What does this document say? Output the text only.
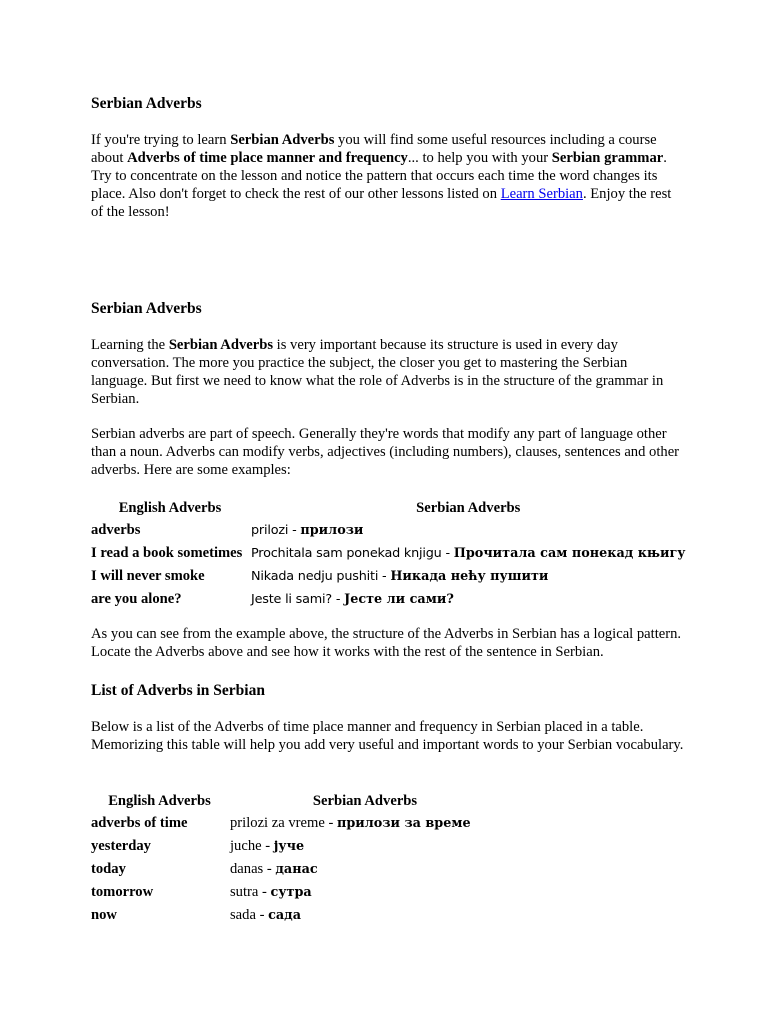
Serbian Adverbs

If you're trying to learn Serbian Adverbs you will find some useful resources including a course about Adverbs of time place manner and frequency... to help you with your Serbian grammar. Try to concentrate on the lesson and notice the pattern that occurs each time the word changes its place. Also don't forget to check the rest of our other lessons listed on Learn Serbian. Enjoy the rest of the lesson!

Serbian Adverbs

Learning the Serbian Adverbs is very important because its structure is used in every day conversation. The more you practice the subject, the closer you get to mastering the Serbian language. But first we need to know what the role of Adverbs is in the structure of the grammar in Serbian.

Serbian adverbs are part of speech. Generally they're words that modify any part of language other than a noun. Adverbs can modify verbs, adjectives (including numbers), clauses, sentences and other adverbs. Here are some examples:

English Adverbs	Serbian Adverbs
adverbs	prilozi - прилози
I read a book sometimes	Prochitala sam ponekad knjigu - Прочитала сам понекад књигу
I will never smoke	Nikada nedju pushiti - Никада нећу пушити
are you alone?	Jeste li sami? - Јесте ли сами?

As you can see from the example above, the structure of the Adverbs in Serbian has a logical pattern. Locate the Adverbs above and see how it works with the rest of the sentence in Serbian.

List of Adverbs in Serbian

Below is a list of the Adverbs of time place manner and frequency in Serbian placed in a table. Memorizing this table will help you add very useful and important words to your Serbian vocabulary.

English Adverbs	Serbian Adverbs
adverbs of time	prilozi za vreme - прилози за време
yesterday	juche - јуче
today	danas - данас
tomorrow	sutra - сутра
now	sada - сада
